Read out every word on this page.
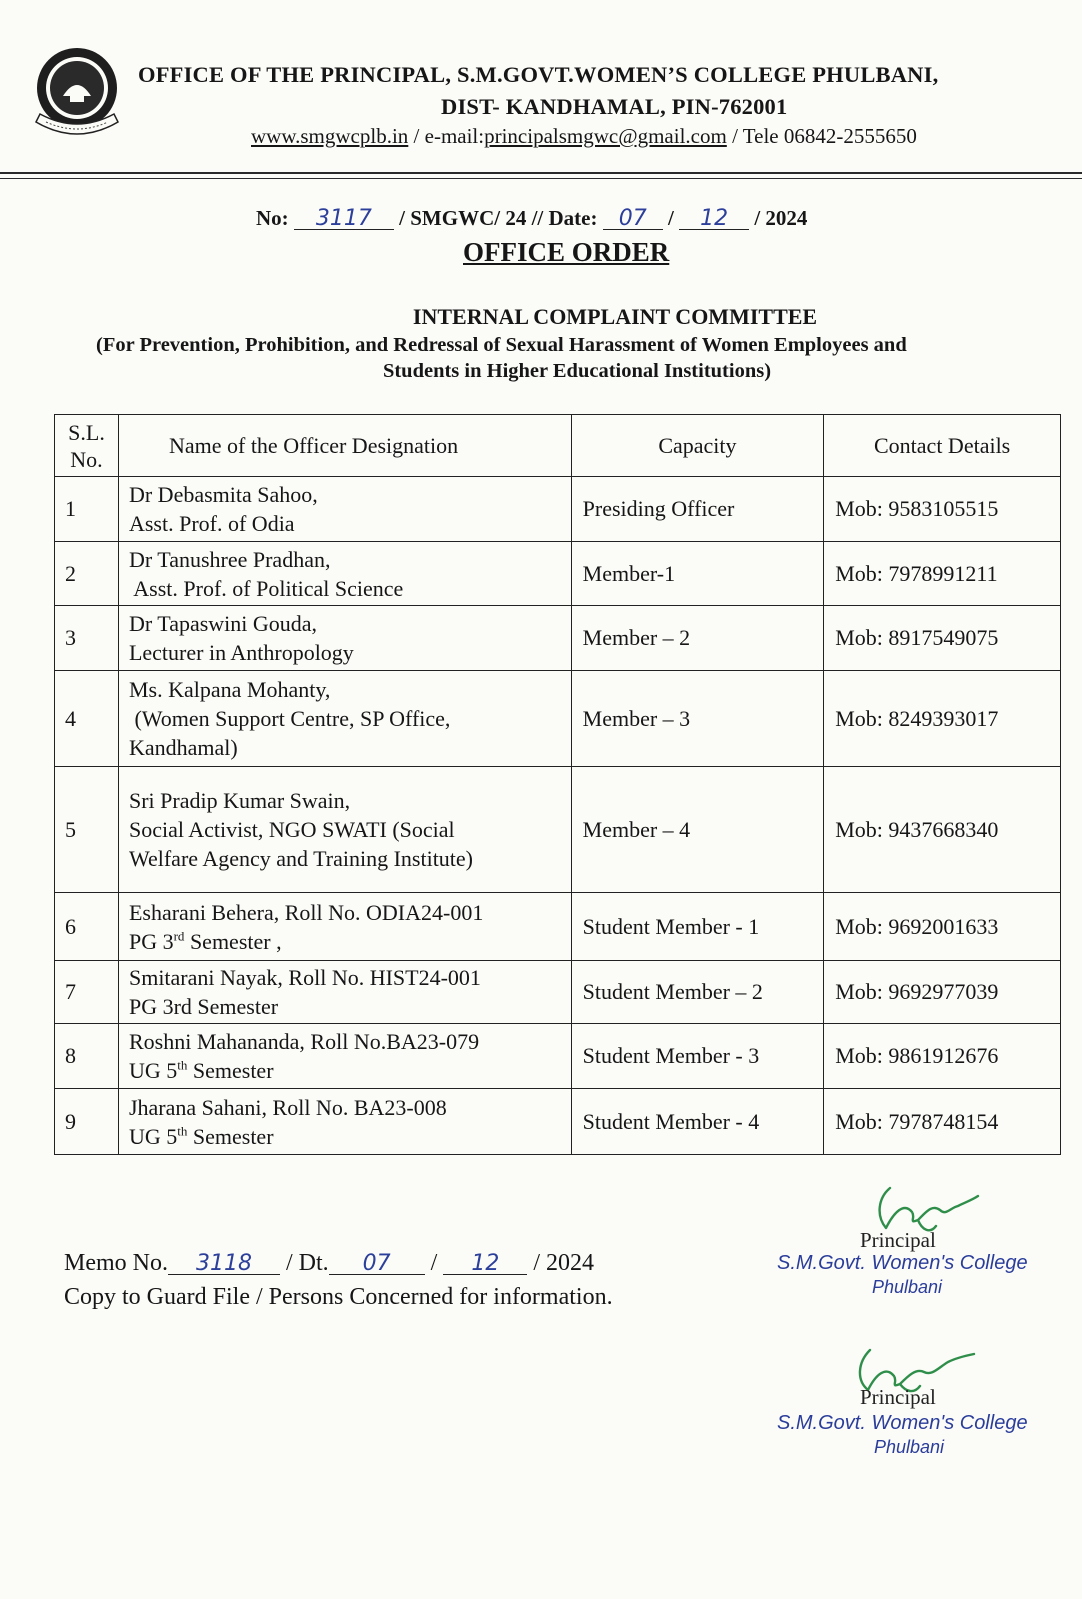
OFFICE OF THE PRINCIPAL, S.M.GOVT.WOMEN’S COLLEGE PHULBANI,
DIST- KANDHAMAL, PIN-762001
www.smgwcplb.in / e-mail:principalsmgwc@gmail.com / Tele 06842-2555650
No: 3117 / SMGWC/ 24 // Date: 07 / 12 / 2024
OFFICE ORDER
INTERNAL COMPLAINT COMMITTEE
(For Prevention, Prohibition, and Redressal of Sexual Harassment of Women Employees and
Students in Higher Educational Institutions)
S.L. No.	Name of the Officer Designation	Capacity	Contact Details
1	Dr Debasmita Sahoo,
Asst. Prof. of Odia	Presiding Officer	Mob: 9583105515
2	Dr Tanushree Pradhan,
Asst. Prof. of Political Science	Member-1	Mob: 7978991211
3	Dr Tapaswini Gouda,
Lecturer in Anthropology	Member – 2	Mob: 8917549075
4	Ms. Kalpana Mohanty,
(Women Support Centre, SP Office,
Kandhamal)	Member – 3	Mob: 8249393017
5	Sri Pradip Kumar Swain,
Social Activist, NGO SWATI (Social
Welfare Agency and Training Institute)	Member – 4	Mob: 9437668340
6	Esharani Behera, Roll No. ODIA24-001
PG 3rd Semester ,	Student Member - 1	Mob: 9692001633
7	Smitarani Nayak, Roll No. HIST24-001
PG 3rd Semester	Student Member – 2	Mob: 9692977039
8	Roshni Mahananda, Roll No.BA23-079
UG 5th Semester	Student Member - 3	Mob: 9861912676
9	Jharana Sahani, Roll No. BA23-008
UG 5th Semester	Student Member - 4	Mob: 7978748154
Principal
S.M.Govt. Women's College
Phulbani
Memo No. 3118 / Dt. 07 / 12 / 2024
Copy to Guard File / Persons Concerned for information.
Principal
S.M.Govt. Women's College
Phulbani
